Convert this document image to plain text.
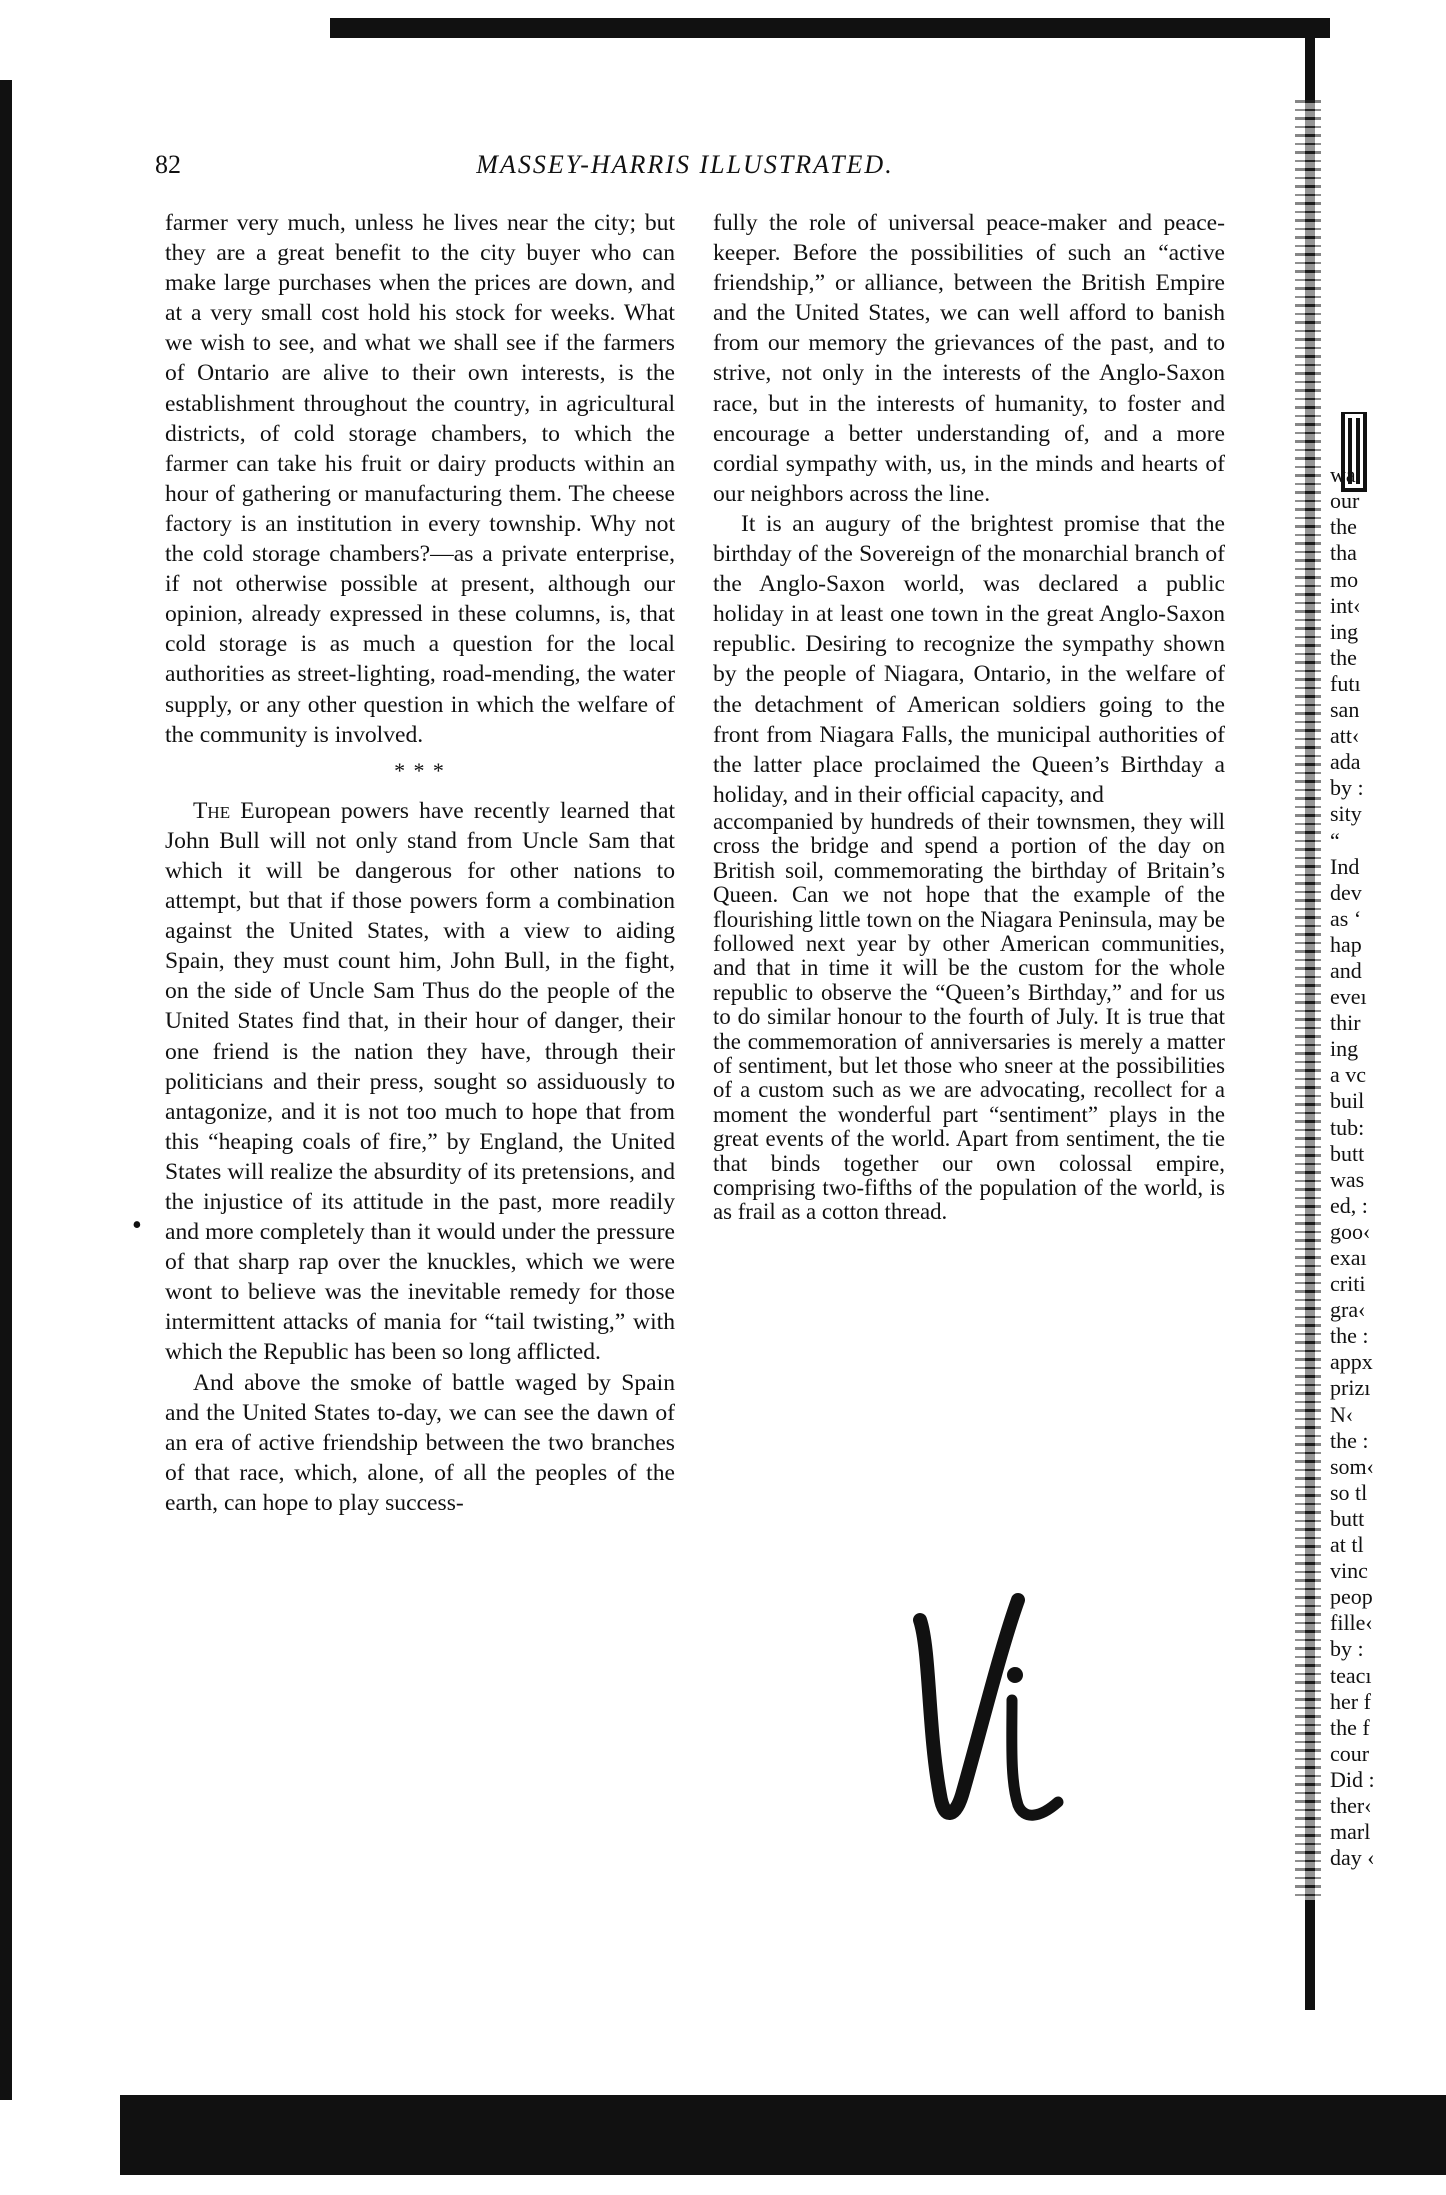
82	MASSEY-HARRIS ILLUSTRATED.

farmer very much, unless he lives near the city; but they are a great benefit to the city buyer who can make large purchases when the prices are down, and at a very small cost hold his stock for weeks. What we wish to see, and what we shall see if the farmers of Ontario are alive to their own interests, is the establishment throughout the country, in agricultural districts, of cold storage chambers, to which the farmer can take his fruit or dairy products within an hour of gathering or manufacturing them. The cheese factory is an institution in every township. Why not the cold storage chambers?—as a private enterprise, if not otherwise possible at present, although our opinion, already expressed in these columns, is, that cold storage is as much a question for the local authorities as street-lighting, road-mending, the water supply, or any other question in which the welfare of the community is involved.

* * *

The European powers have recently learned that John Bull will not only stand from Uncle Sam that which it will be dangerous for other nations to attempt, but that if those powers form a combination against the United States, with a view to aiding Spain, they must count him, John Bull, in the fight, on the side of Uncle Sam Thus do the people of the United States find that, in their hour of danger, their one friend is the nation they have, through their politicians and their press, sought so assiduously to antagonize, and it is not too much to hope that from this “heaping coals of fire,” by England, the United States will realize the absurdity of its pretensions, and the injustice of its attitude in the past, more readily and more completely than it would under the pressure of that sharp rap over the knuckles, which we were wont to believe was the inevitable remedy for those intermittent attacks of mania for “tail twisting,” with which the Republic has been so long afflicted.

And above the smoke of battle waged by Spain and the United States to-day, we can see the dawn of an era of active friendship between the two branches of that race, which, alone, of all the peoples of the earth, can hope to play success-

•

fully the role of universal peace-maker and peace-keeper. Before the possibilities of such an “active friendship,” or alliance, between the British Empire and the United States, we can well afford to banish from our memory the grievances of the past, and to strive, not only in the interests of the Anglo-Saxon race, but in the interests of humanity, to foster and encourage a better understanding of, and a more cordial sympathy with, us, in the minds and hearts of our neighbors across the line.

It is an augury of the brightest promise that the birthday of the Sovereign of the monarchial branch of the Anglo-Saxon world, was declared a public holiday in at least one town in the great Anglo-Saxon republic. Desiring to recognize the sympathy shown by the people of Niagara, Ontario, in the welfare of the detachment of American soldiers going to the front from Niagara Falls, the municipal authorities of the latter place proclaimed the Queen’s Birthday a holiday, and in their official capacity, and

accompanied by hundreds of their townsmen, they will cross the bridge and spend a portion of the day on British soil, commemorating the birthday of Britain’s Queen. Can we not hope that the example of the flourishing little town on the Niagara Peninsula, may be followed next year by other American communities, and that in time it will be the custom for the whole republic to observe the “Queen’s Birthday,” and for us to do similar honour to the fourth of July. It is true that the commemoration of anniversaries is merely a matter of sentiment, but let those who sneer at the possibilities of a custom such as we are advocating, recollect for a moment the wonderful part “sentiment” plays in the great events of the world. Apart from sentiment, the tie that binds together our own colossal empire, comprising two-fifths of the population of the world, is as frail as a cotton thread.

wa
our
the
tha
mo
int‹
ing
the
futı
san
att‹
ada
by :
sity
“
Ind
dev
as ‘
hap
and
eveı
thir
ing
a vc
buil
tub:
butt
was
ed, :
goo‹
exaı
criti
gra‹
the :
appx
prizı
N‹
the :
som‹
so tl
butt
at tl
vinc
peop
fille‹
by :
teacı
her f
the f
cour
Did :
ther‹
marl
day ‹
